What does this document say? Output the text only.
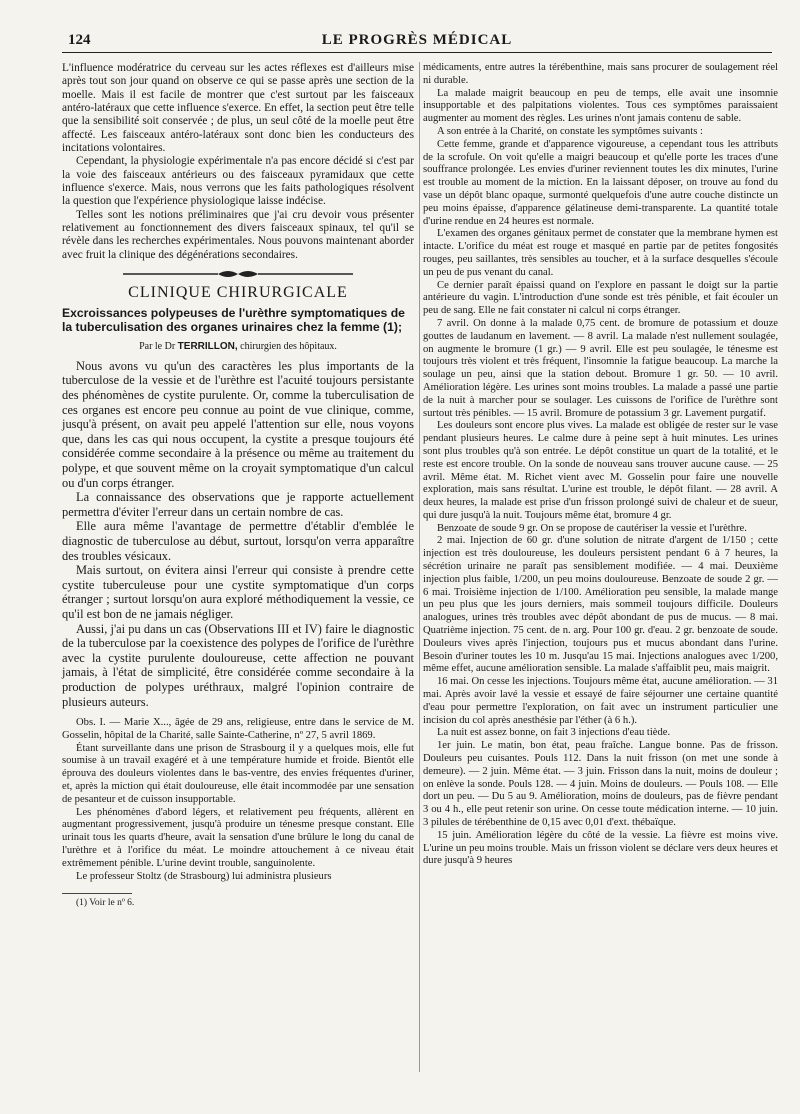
124	LE PROGRÈS MÉDICAL

L'influence modératrice du cerveau sur les actes réflexes est d'ailleurs mise après tout son jour quand on observe ce qui se passe après une section de la moelle. Mais il est facile de montrer que c'est surtout par les faisceaux antéro-latéraux que cette influence s'exerce. En effet, la section peut être telle que la sensibilité soit conservée ; de plus, un seul côté de la moelle peut être affecté. Les faisceaux antéro-latéraux sont donc bien les conducteurs des incitations volontaires.

Cependant, la physiologie expérimentale n'a pas encore décidé si c'est par la voie des faisceaux antérieurs ou des faisceaux pyramidaux que cette influence s'exerce. Mais, nous verrons que les faits pathologiques résolvent la question que l'expérience physiologique laisse indécise.

Telles sont les notions préliminaires que j'ai cru devoir vous présenter relativement au fonctionnement des divers faisceaux spinaux, tel qu'il se révèle dans les recherches expérimentales. Nous pouvons maintenant aborder avec fruit la clinique des dégénérations secondaires.

CLINIQUE CHIRURGICALE
Excroissances polypeuses de l'urèthre symptomatiques de la tuberculisation des organes urinaires chez la femme (1);
Par le Dr TERRILLON, chirurgien des hôpitaux.

Nous avons vu qu'un des caractères les plus importants de la tuberculose de la vessie et de l'urèthre est l'acuité toujours persistante des phénomènes de cystite purulente. Or, comme la tuberculisation de ces organes est encore peu connue au point de vue clinique, comme, jusqu'à présent, on avait peu appelé l'attention sur elle, nous voyons que, dans les cas qui nous occupent, la cystite a presque toujours été considérée comme secondaire à la présence ou même au traitement du polype, et que souvent même on la croyait symptomatique d'un calcul ou d'un corps étranger.

La connaissance des observations que je rapporte actuellement permettra d'éviter l'erreur dans un certain nombre de cas.

Elle aura même l'avantage de permettre d'établir d'emblée le diagnostic de tuberculose au début, surtout, lorsqu'on verra apparaître des troubles vésicaux.

Mais surtout, on évitera ainsi l'erreur qui consiste à prendre cette cystite tuberculeuse pour une cystite symptomatique d'un corps étranger ; surtout lorsqu'on aura exploré méthodiquement la vessie, ce qu'il est bon de ne jamais négliger.

Aussi, j'ai pu dans un cas (Observations III et IV) faire le diagnostic de la tuberculose par la coexistence des polypes de l'orifice de l'urèthre avec la cystite purulente douloureuse, cette affection ne pouvant jamais, à l'état de simplicité, être considérée comme secondaire à la production de polypes uréthraux, malgré l'opinion contraire de plusieurs auteurs.

Obs. I. — Marie X..., âgée de 29 ans, religieuse, entre dans le service de M. Gosselin, hôpital de la Charité, salle Sainte-Catherine, nº 27, 5 avril 1869.

Étant surveillante dans une prison de Strasbourg il y a quelques mois, elle fut soumise à un travail exagéré et à une température humide et froide. Bientôt elle éprouva des douleurs violentes dans le bas-ventre, des envies fréquentes d'uriner, et, après la miction qui était douloureuse, elle était incommodée par une sensation de pesanteur et de cuisson insupportable.

Les phénomènes d'abord légers, et relativement peu fréquents, allèrent en augmentant progressivement, jusqu'à produire un ténesme presque constant. Elle urinait tous les quarts d'heure, avait la sensation d'une brûlure le long du canal de l'urèthre et à l'orifice du méat. Le moindre attouchement à ce niveau était extrêmement pénible. L'urine devint trouble, sanguinolente.

Le professeur Stoltz (de Strasbourg) lui administra plusieurs

(1) Voir le nº 6.

médicaments, entre autres la térébenthine, mais sans procurer de soulagement réel ni durable.

La malade maigrit beaucoup en peu de temps, elle avait une insomnie insupportable et des palpitations violentes. Tous ces symptômes paraissaient augmenter au moment des règles. Les urines n'ont jamais contenu de sable.

A son entrée à la Charité, on constate les symptômes suivants :

Cette femme, grande et d'apparence vigoureuse, a cependant tous les attributs de la scrofule. On voit qu'elle a maigri beaucoup et qu'elle porte les traces d'une souffrance prolongée. Les envies d'uriner reviennent toutes les dix minutes, l'urine est trouble au moment de la miction. En la laissant déposer, on trouve au fond du vase un dépôt blanc opaque, surmonté quelquefois d'une autre couche distincte un peu moins épaisse, d'apparence gélatineuse demi-transparente. La quantité totale d'urine rendue en 24 heures est normale.

L'examen des organes génitaux permet de constater que la membrane hymen est intacte. L'orifice du méat est rouge et masqué en partie par de petites fongosités rouges, peu saillantes, très sensibles au toucher, et à la surface desquelles s'écoule un peu de pus venant du canal.

Ce dernier paraît épaissi quand on l'explore en passant le doigt sur la partie antérieure du vagin. L'introduction d'une sonde est très pénible, et fait écouler un peu de sang. Elle ne fait constater ni calcul ni corps étranger.

7 avril. On donne à la malade 0,75 cent. de bromure de potassium et douze gouttes de laudanum en lavement. — 8 avril. La malade n'est nullement soulagée, on augmente le bromure (1 gr.) — 9 avril. Elle est peu soulagée, le ténesme est toujours très violent et très fréquent, l'insomnie la fatigue beaucoup. La marche la soulage un peu, ainsi que la station debout. Bromure 1 gr. 50. — 10 avril. Amélioration légère. Les urines sont moins troubles. La malade a passé une partie de la nuit à marcher pour se soulager. Les cuissons de l'orifice de l'urèthre sont surtout très pénibles. — 15 avril. Bromure de potassium 3 gr. Lavement purgatif.

Les douleurs sont encore plus vives. La malade est obligée de rester sur le vase pendant plusieurs heures. Le calme dure à peine sept à huit minutes. Les urines sont plus troubles qu'à son entrée. Le dépôt constitue un quart de la totalité, et le reste est encore trouble. On la sonde de nouveau sans trouver aucune cause. — 25 avril. Même état. M. Richet vient avec M. Gosselin pour faire une nouvelle exploration, mais sans résultat. L'urine est trouble, le dépôt filant. — 28 avril. A deux heures, la malade est prise d'un frisson prolongé suivi de chaleur et de sueur, qui dure jusqu'à la nuit. Toujours même état, bromure 4 gr.

Benzoate de soude 9 gr. On se propose de cautériser la vessie et l'urèthre.

2 mai. Injection de 60 gr. d'une solution de nitrate d'argent de 1/150 ; cette injection est très douloureuse, les douleurs persistent pendant 6 à 7 heures, la sécrétion urinaire ne paraît pas sensiblement modifiée. — 4 mai. Deuxième injection plus faible, 1/200, un peu moins douloureuse. Benzoate de soude 2 gr. — 6 mai. Troisième injection de 1/100. Amélioration peu sensible, la malade mange un peu plus que les jours derniers, mais sommeil toujours difficile. Douleurs analogues, urines très troubles avec dépôt abondant de pus de mucus. — 8 mai. Quatrième injection. 75 cent. de n. arg. Pour 100 gr. d'eau. 2 gr. benzoate de soude. Douleurs vives après l'injection, toujours pus et mucus abondant dans l'urine. Besoin d'uriner toutes les 10 m. Jusqu'au 15 mai. Injections analogues avec 1/200, même effet, aucune amélioration sensible. La malade s'affaiblit peu, mais maigrit.

16 mai. On cesse les injections. Toujours même état, aucune amélioration. — 31 mai. Après avoir lavé la vessie et essayé de faire séjourner une certaine quantité d'eau pour permettre l'exploration, on fait avec un instrument particulier une incision du col après anesthésie par l'éther (à 6 h.).

La nuit est assez bonne, on fait 3 injections d'eau tiède.

1er juin. Le matin, bon état, peau fraîche. Langue bonne. Pas de frisson. Douleurs peu cuisantes. Pouls 112. Dans la nuit frisson (on met une sonde à demeure). — 2 juin. Même état. — 3 juin. Frisson dans la nuit, moins de douleur ; on enlève la sonde. Pouls 128. — 4 juin. Moins de douleurs. — Pouls 108. — Elle dort un peu. — Du 5 au 9. Amélioration, moins de douleurs, pas de fièvre pendant 3 ou 4 h., elle peut retenir son urine. On cesse toute médication interne. — 10 juin. 3 pilules de térébenthine de 0,15 avec 0,01 d'ext. thébaïque.

15 juin. Amélioration légère du côté de la vessie. La fièvre est moins vive. L'urine un peu moins trouble. Mais un frisson violent se déclare vers deux heures et dure jusqu'à 9 heures
